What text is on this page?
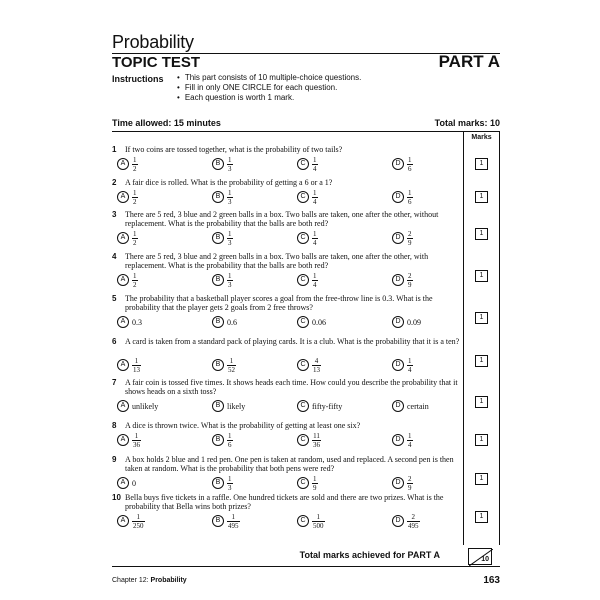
Probability
TOPIC TEST	PART A
Instructions
•	This part consists of 10 multiple-choice questions.
• Fill in only ONE CIRCLE for each question.
• Each question is worth 1 mark.
Time allowed: 15 minutes	Total marks: 10
Marks
1 If two coins are tossed together, what is the probability of two tails?
A $\frac{1}{2}$	B $\frac{1}{3}$	C $\frac{1}{4}$	D $\frac{1}{6}$	1
2 A fair dice is rolled. What is the probability of getting a 6 or a 1?
A $\frac{1}{2}$	B $\frac{1}{3}$	C $\frac{1}{4}$	D $\frac{1}{6}$	1
3 There are 5 red, 3 blue and 2 green balls in a box. Two balls are taken, one after the other, without replacement. What is the probability that the balls are both red?
A $\frac{1}{2}$	B $\frac{1}{3}$	C $\frac{1}{4}$	D $\frac{2}{9}$	1
4 There are 5 red, 3 blue and 2 green balls in a box. Two balls are taken, one after the other, with replacement. What is the probability that the balls are both red?
A $\frac{1}{2}$	B $\frac{1}{3}$	C $\frac{1}{4}$	D $\frac{2}{9}$	1
5 The probability that a basketball player scores a goal from the free-throw line is 0.3. What is the probability that the player gets 2 goals from 2 free throws?
A 0.3	B 0.6	C 0.06	D 0.09	1
6 A card is taken from a standard pack of playing cards. It is a club. What is the probability that it is a ten?
A $\frac{1}{13}$	B $\frac{1}{52}$	C $\frac{4}{13}$	D $\frac{1}{4}$	1
7 A fair coin is tossed five times. It shows heads each time. How could you describe the probability that it shows heads on a sixth toss?
A unlikely	B likely	C fifty-fifty	D certain	1
8 A dice is thrown twice. What is the probability of getting at least one six?
A $\frac{1}{36}$	B $\frac{1}{6}$	C $\frac{11}{36}$	D $\frac{1}{4}$	1
9 A box holds 2 blue and 1 red pen. One pen is taken at random, used and replaced. A second pen is then taken at random. What is the probability that both pens were red?
A 0	B $\frac{1}{3}$	C $\frac{1}{9}$	D $\frac{2}{9}$	1
10 Bella buys five tickets in a raffle. One hundred tickets are sold and there are two prizes. What is the probability that Bella wins both prizes?
A $\frac{1}{250}$	B $\frac{1}{495}$	C $\frac{1}{500}$	D $\frac{2}{495}$	1
Total marks achieved for PART A	10
Chapter 12: Probability	163
